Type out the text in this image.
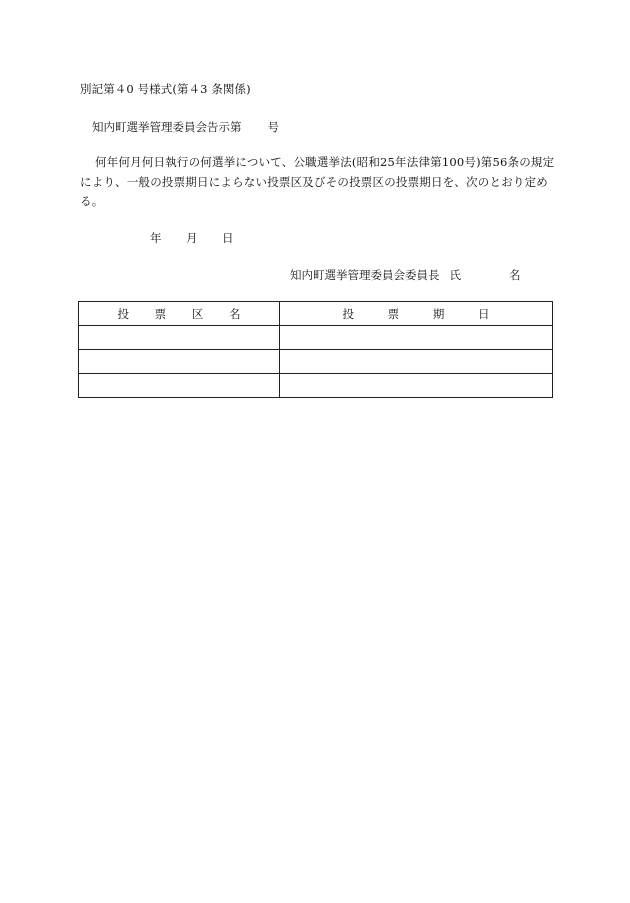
別記第４0 号様式(第４3 条関係)
知内町選挙管理委員会告示第 号
何年何月何日執行の何選挙について、公職選挙法(昭和25年法律第100号)第56条の規定により、一般の投票期日によらない投票区及びその投票区の投票期日を、次のとおり定める。
年 月 日
知内町選挙管理委員会委員長 氏	名
投 票 区 名	投 票 期 日
